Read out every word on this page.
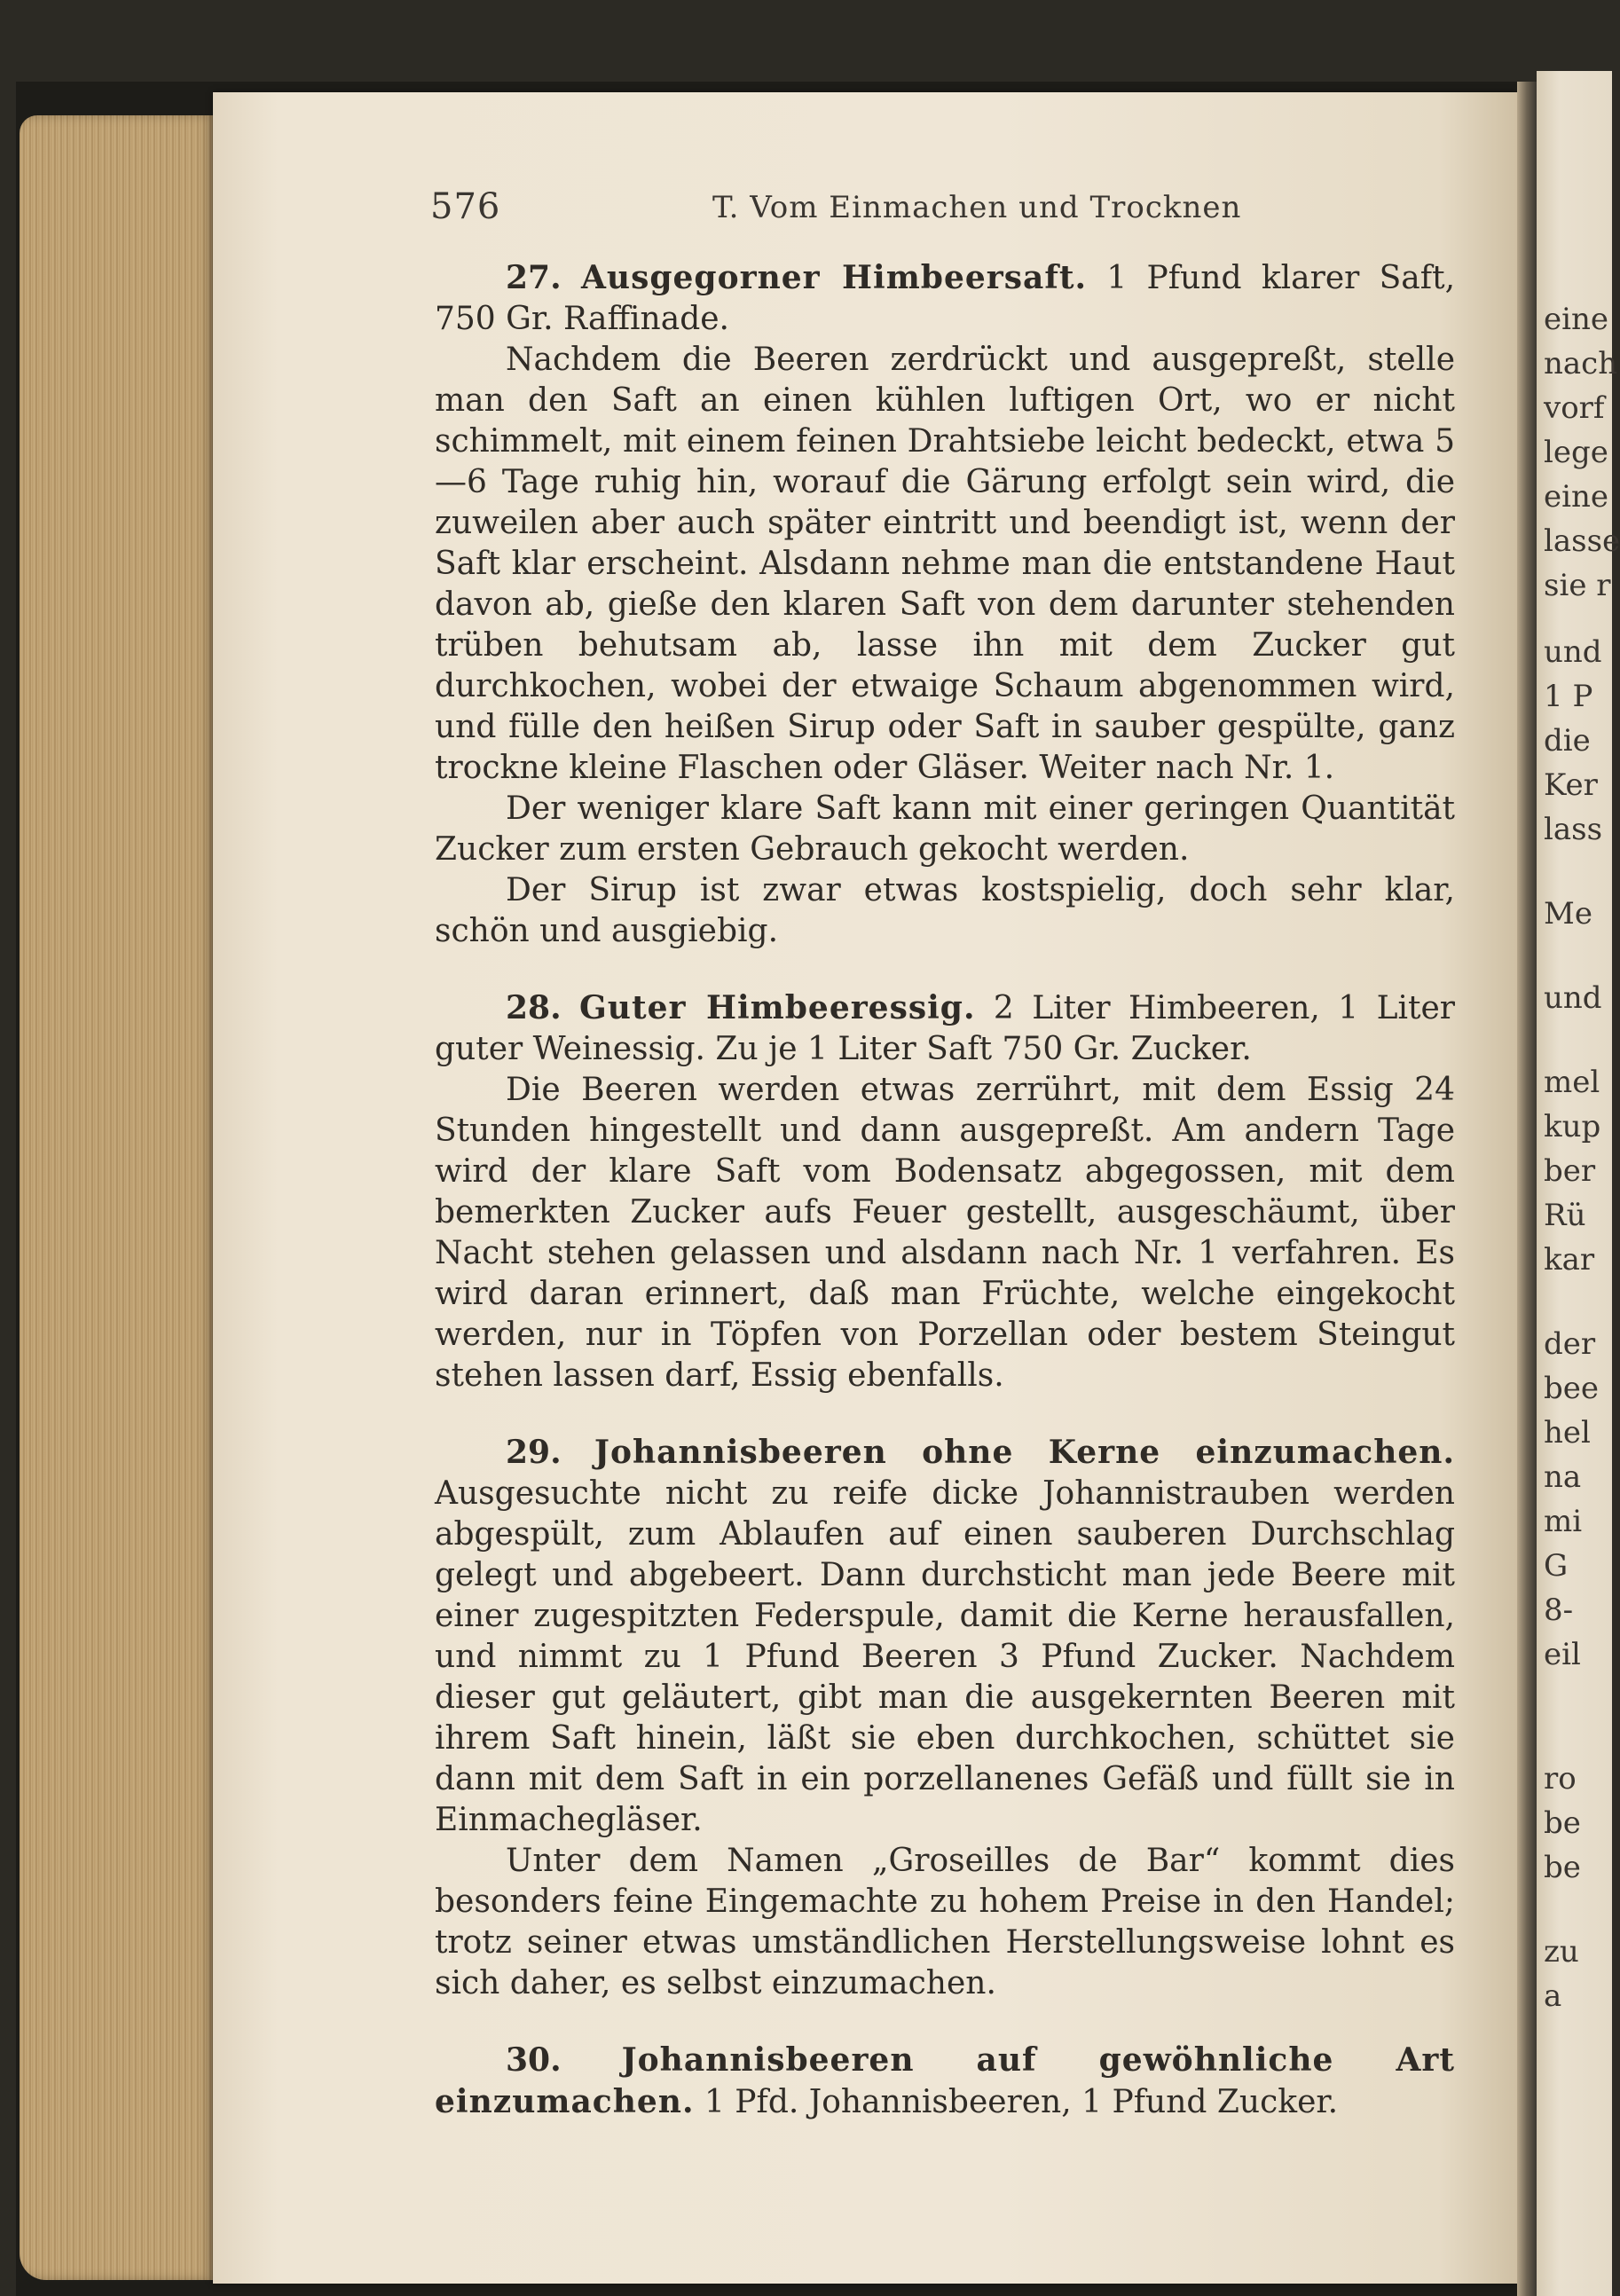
eine
nach
vorf
lege
eine
lasse
sie r
und
1 P
die
Ker
lass
Me
und
mel
kup
ber
Rü
kar
der
bee
hel
na
mi
G
8-
eil
ro
be
be
zu
a
576	T. Vom Einmachen und Trocknen

27. Ausgegorner Himbeersaft. 1 Pfund klarer Saft, 750 Gr. Raffinade.

Nachdem die Beeren zerdrückt und ausgepreßt, stelle man den Saft an einen kühlen luftigen Ort, wo er nicht schimmelt, mit einem feinen Drahtsiebe leicht bedeckt, etwa 5—6 Tage ruhig hin, worauf die Gärung erfolgt sein wird, die zuweilen aber auch später eintritt und beendigt ist, wenn der Saft klar erscheint. Alsdann nehme man die entstandene Haut davon ab, gieße den klaren Saft von dem darunter stehenden trüben behutsam ab, lasse ihn mit dem Zucker gut durchkochen, wobei der etwaige Schaum abgenommen wird, und fülle den heißen Sirup oder Saft in sauber gespülte, ganz trockne kleine Flaschen oder Gläser. Weiter nach Nr. 1.

Der weniger klare Saft kann mit einer geringen Quantität Zucker zum ersten Gebrauch gekocht werden.

Der Sirup ist zwar etwas kostspielig, doch sehr klar, schön und ausgiebig.

28. Guter Himbeeressig. 2 Liter Himbeeren, 1 Liter guter Weinessig. Zu je 1 Liter Saft 750 Gr. Zucker.

Die Beeren werden etwas zerrührt, mit dem Essig 24 Stunden hingestellt und dann ausgepreßt. Am andern Tage wird der klare Saft vom Bodensatz abgegossen, mit dem bemerkten Zucker aufs Feuer gestellt, ausgeschäumt, über Nacht stehen gelassen und alsdann nach Nr. 1 verfahren. Es wird daran erinnert, daß man Früchte, welche eingekocht werden, nur in Töpfen von Porzellan oder bestem Steingut stehen lassen darf, Essig ebenfalls.

29. Johannisbeeren ohne Kerne einzumachen. Ausgesuchte nicht zu reife dicke Johannistrauben werden abgespült, zum Ablaufen auf einen sauberen Durchschlag gelegt und abgebeert. Dann durchsticht man jede Beere mit einer zugespitzten Federspule, damit die Kerne herausfallen, und nimmt zu 1 Pfund Beeren 3 Pfund Zucker. Nachdem dieser gut geläutert, gibt man die ausgekernten Beeren mit ihrem Saft hinein, läßt sie eben durchkochen, schüttet sie dann mit dem Saft in ein porzellanenes Gefäß und füllt sie in Einmachegläser.

Unter dem Namen „Groseilles de Bar“ kommt dies besonders feine Eingemachte zu hohem Preise in den Handel; trotz seiner etwas umständlichen Herstellungsweise lohnt es sich daher, es selbst einzumachen.

30. Johannisbeeren auf gewöhnliche Art einzumachen. 1 Pfd. Johannisbeeren, 1 Pfund Zucker.
